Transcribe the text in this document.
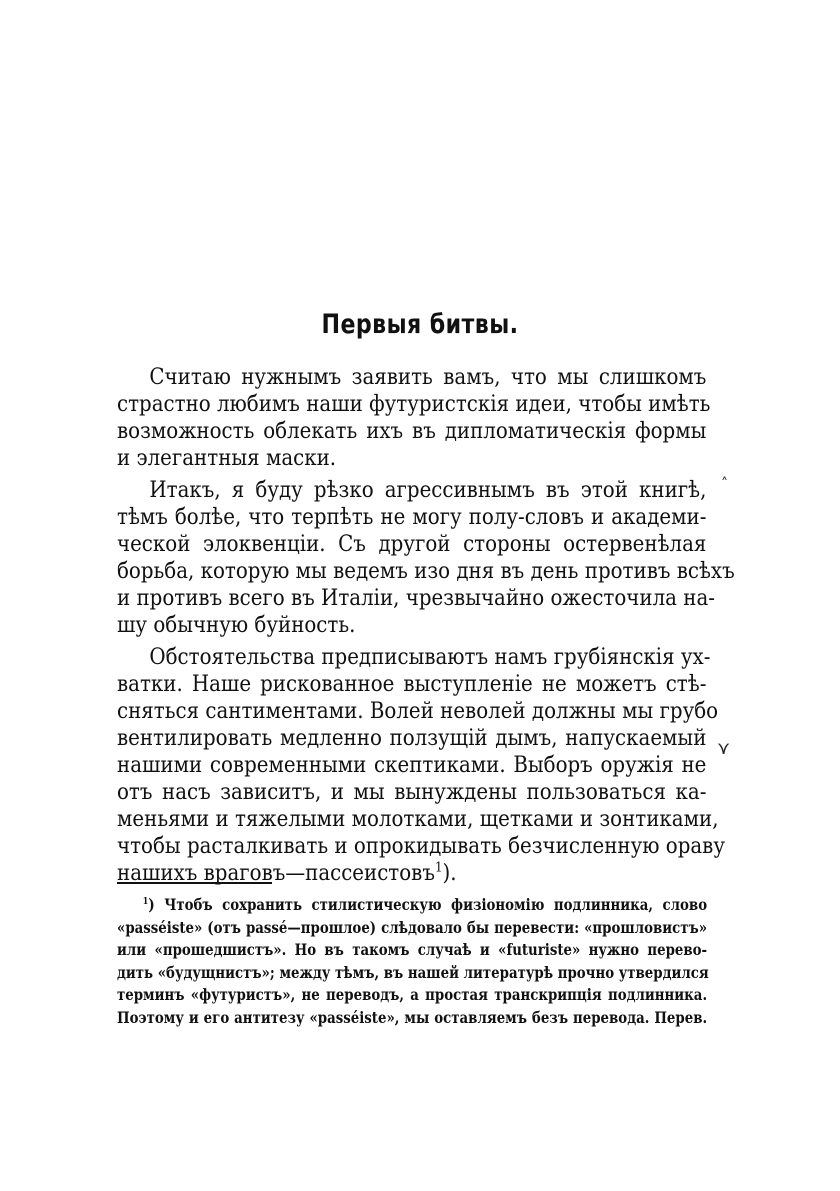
Первыя битвы.
Считаю нужнымъ заявить вамъ, что мы слишкомъ
страстно любимъ наши футуристскія идеи, чтобы имѣть
возможность облекать ихъ въ дипломатическія формы
и элегантныя маски.
Итакъ, я буду рѣзко агрессивнымъ въ этой книгѣ,
тѣмъ болѣе, что терпѣть не могу полу-словъ и академи-
ческой элоквенціи. Съ другой стороны остервенѣлая
борьба, которую мы ведемъ изо дня въ день противъ всѣхъ
и противъ всего въ Италіи, чрезвычайно ожесточила на-
шу обычную буйность.
Обстоятельства предписываютъ намъ грубіянскія ух-
ватки. Наше рискованное выступленіе не можетъ стѣ-
сняться сантиментами. Волей неволей должны мы грубо
вентилировать медленно ползущій дымъ, напускаемый
нашими современными скептиками. Выборъ оружія не
отъ насъ зависитъ, и мы вынуждены пользоваться ка-
меньями и тяжелыми молотками, щетками и зонтиками,
чтобы расталкивать и опрокидывать безчисленную ораву
нашихъ враговъ—пассеистовъ$^1$).
˄
⋎
$^1$) Чтобъ сохранить стилистическую физіономію подлинника, слово
«passéiste» (отъ passé—прошлое) слѣдовало бы перевести: «прошловистъ»
или «прошедшистъ». Но въ такомъ случаѣ и «futuriste» нужно перево-
дить «будущнистъ»; между тѣмъ, въ нашей литературѣ прочно утвердился
терминъ «футуристъ», не переводъ, а простая транскрипція подлинника.
Поэтому и его антитезу «passéiste», мы оставляемъ безъ перевода. Перев.
